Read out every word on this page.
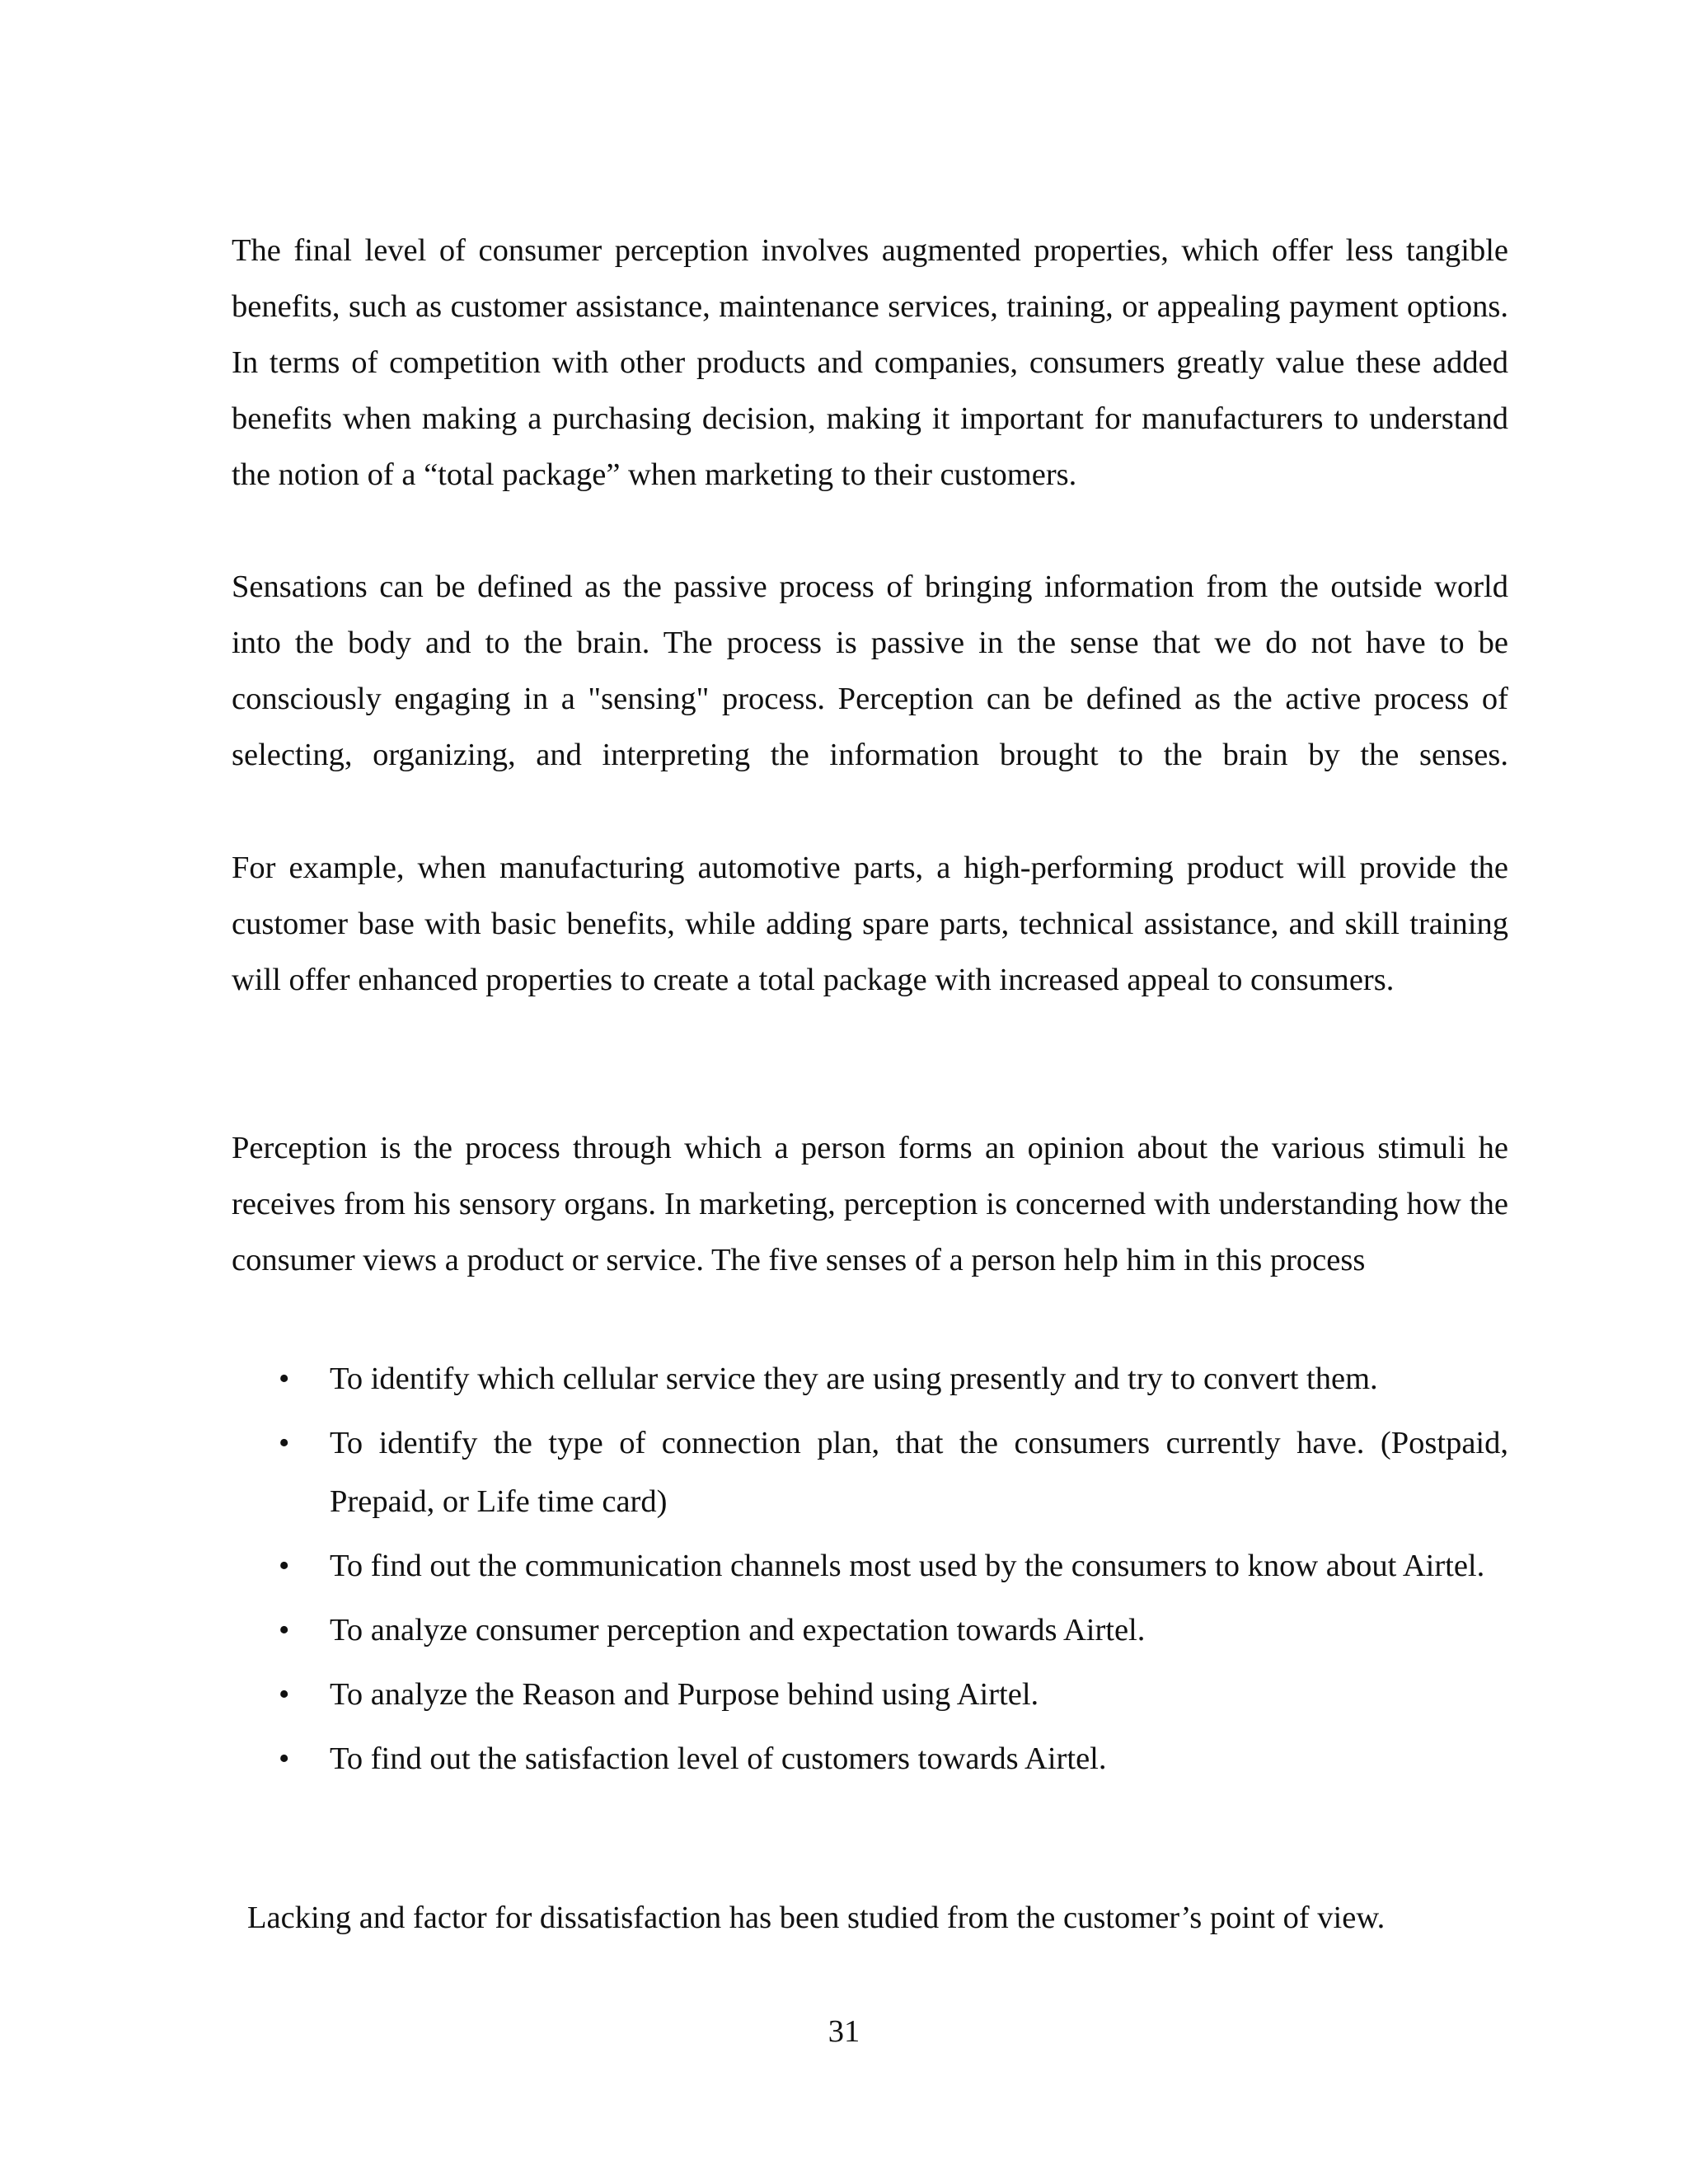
The final level of consumer perception involves augmented properties, which offer less tangible benefits, such as customer assistance, maintenance services, training, or appealing payment options. In terms of competition with other products and companies, consumers greatly value these added benefits when making a purchasing decision, making it important for manufacturers to understand the notion of a “total package” when marketing to their customers.

Sensations can be defined as the passive process of bringing information from the outside world into the body and to the brain. The process is passive in the sense that we do not have to be consciously engaging in a "sensing" process. Perception can be defined as the active process of selecting, organizing, and interpreting the information brought to the brain by the senses.

For example, when manufacturing automotive parts, a high-performing product will provide the customer base with basic benefits, while adding spare parts, technical assistance, and skill training will offer enhanced properties to create a total package with increased appeal to consumers.

Perception is the process through which a person forms an opinion about the various stimuli he receives from his sensory organs. In marketing, perception is concerned with understanding how the consumer views a product or service. The five senses of a person help him in this process

• To identify which cellular service they are using presently and try to convert them.
• To identify the type of connection plan, that the consumers currently have. (Postpaid, Prepaid, or Life time card)
• To find out the communication channels most used by the consumers to know about Airtel.
• To analyze consumer perception and expectation towards Airtel.
• To analyze the Reason and Purpose behind using Airtel.
• To find out the satisfaction level of customers towards Airtel.

Lacking and factor for dissatisfaction has been studied from the customer’s point of view.

31
